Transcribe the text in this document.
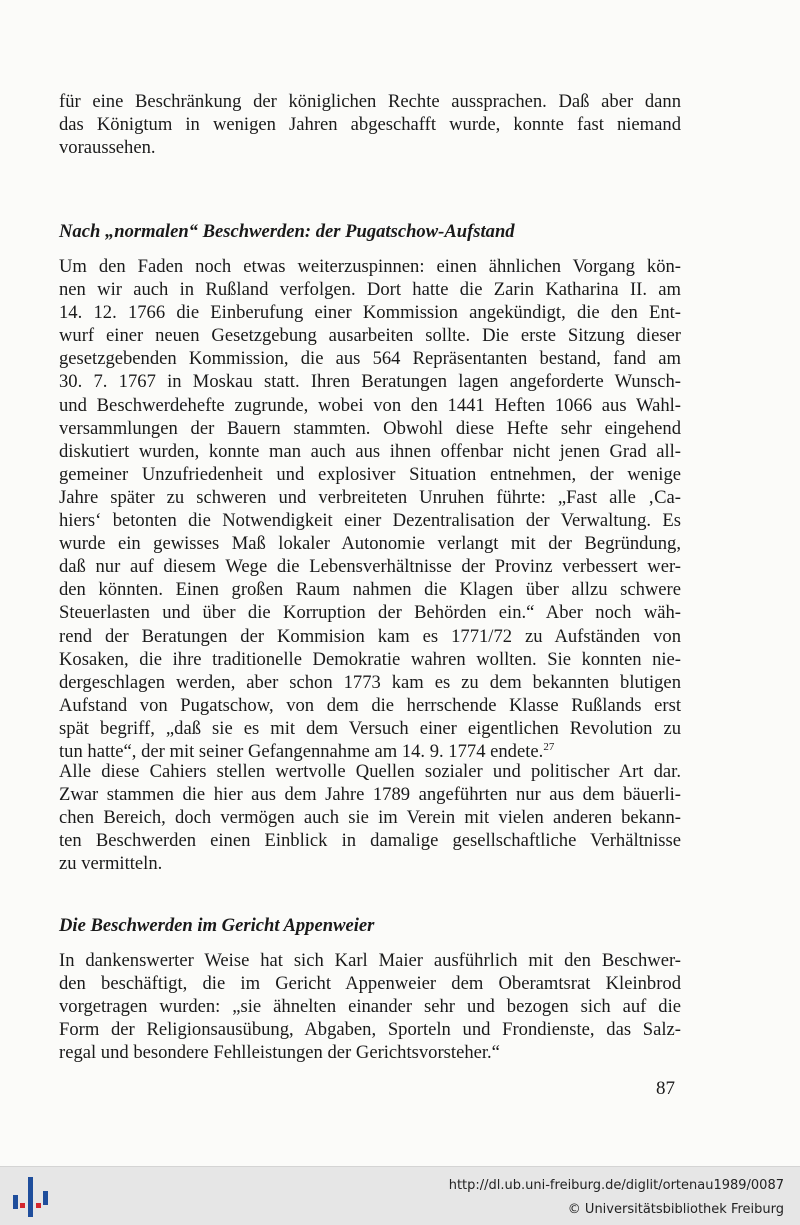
für eine Beschränkung der königlichen Rechte aussprachen. Daß aber dann
das Königtum in wenigen Jahren abgeschafft wurde, konnte fast niemand
voraussehen.

Nach „normalen“ Beschwerden: der Pugatschow-Aufstand

Um den Faden noch etwas weiterzuspinnen: einen ähnlichen Vorgang kön-
nen wir auch in Rußland verfolgen. Dort hatte die Zarin Katharina II. am
14. 12. 1766 die Einberufung einer Kommission angekündigt, die den Ent-
wurf einer neuen Gesetzgebung ausarbeiten sollte. Die erste Sitzung dieser
gesetzgebenden Kommission, die aus 564 Repräsentanten bestand, fand am
30. 7. 1767 in Moskau statt. Ihren Beratungen lagen angeforderte Wunsch-
und Beschwerdehefte zugrunde, wobei von den 1441 Heften 1066 aus Wahl-
versammlungen der Bauern stammten. Obwohl diese Hefte sehr eingehend
diskutiert wurden, konnte man auch aus ihnen offenbar nicht jenen Grad all-
gemeiner Unzufriedenheit und explosiver Situation entnehmen, der wenige
Jahre später zu schweren und verbreiteten Unruhen führte: „Fast alle ‚Ca-
hiers‘ betonten die Notwendigkeit einer Dezentralisation der Verwaltung. Es
wurde ein gewisses Maß lokaler Autonomie verlangt mit der Begründung,
daß nur auf diesem Wege die Lebensverhältnisse der Provinz verbessert wer-
den könnten. Einen großen Raum nahmen die Klagen über allzu schwere
Steuerlasten und über die Korruption der Behörden ein.“ Aber noch wäh-
rend der Beratungen der Kommision kam es 1771/72 zu Aufständen von
Kosaken, die ihre traditionelle Demokratie wahren wollten. Sie konnten nie-
dergeschlagen werden, aber schon 1773 kam es zu dem bekannten blutigen
Aufstand von Pugatschow, von dem die herrschende Klasse Rußlands erst
spät begriff, „daß sie es mit dem Versuch einer eigentlichen Revolution zu
tun hatte“, der mit seiner Gefangennahme am 14. 9. 1774 endete.$^{27}$

Alle diese Cahiers stellen wertvolle Quellen sozialer und politischer Art dar.
Zwar stammen die hier aus dem Jahre 1789 angeführten nur aus dem bäuerli-
chen Bereich, doch vermögen auch sie im Verein mit vielen anderen bekann-
ten Beschwerden einen Einblick in damalige gesellschaftliche Verhältnisse
zu vermitteln.

Die Beschwerden im Gericht Appenweier

In dankenswerter Weise hat sich Karl Maier ausführlich mit den Beschwer-
den beschäftigt, die im Gericht Appenweier dem Oberamtsrat Kleinbrod
vorgetragen wurden: „sie ähnelten einander sehr und bezogen sich auf die
Form der Religionsausübung, Abgaben, Sporteln und Frondienste, das Salz-
regal und besondere Fehlleistungen der Gerichtsvorsteher.“

87
http://dl.ub.uni-freiburg.de/diglit/ortenau1989/0087
© Universitätsbibliothek Freiburg
